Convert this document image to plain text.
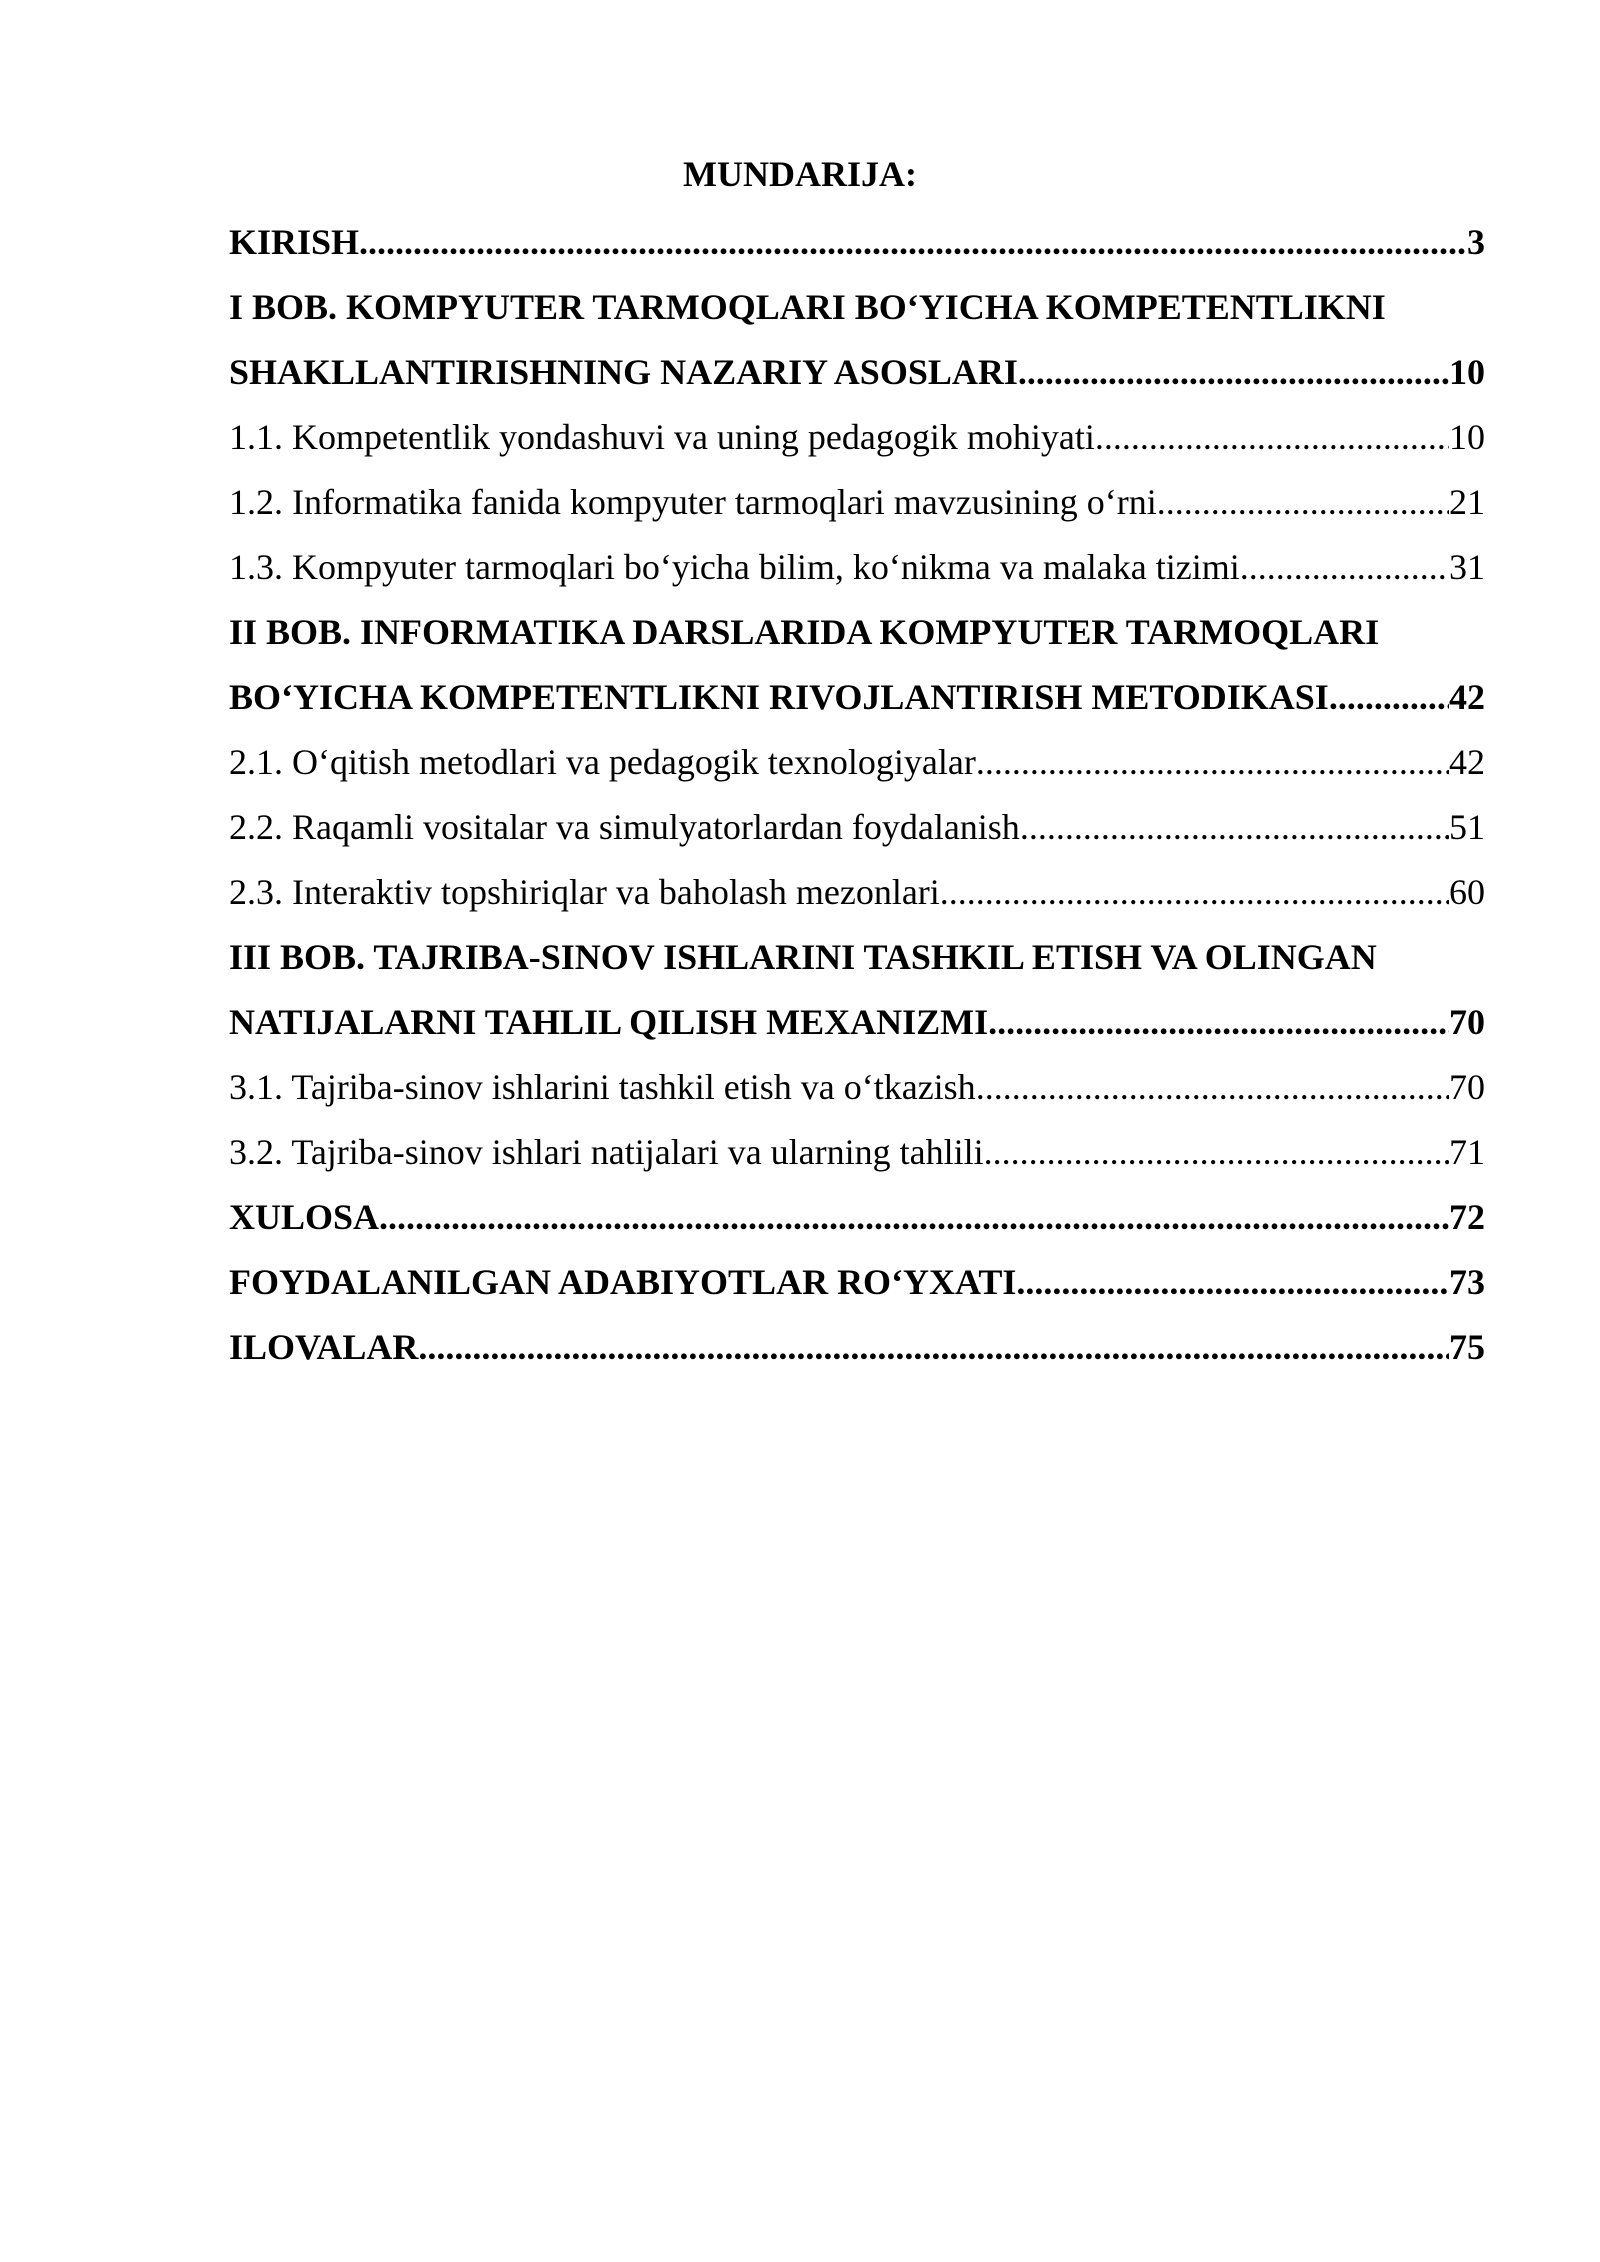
MUNDARIJA:
KIRISH .....	3
I BOB. KOMPYUTER TARMOQLARI BO‘YICHA KOMPETENTLIKNI
SHAKLLANTIRISHNING NAZARIY ASOSLARI .....	10
1.1. Kompetentlik yondashuvi va uning pedagogik mohiyati .....	10
1.2. Informatika fanida kompyuter tarmoqlari mavzusining o‘rni .....	21
1.3. Kompyuter tarmoqlari bo‘yicha bilim, ko‘nikma va malaka tizimi .....	31
II BOB. INFORMATIKA DARSLARIDA KOMPYUTER TARMOQLARI
BO‘YICHA KOMPETENTLIKNI RIVOJLANTIRISH METODIKASI .....	42
2.1. O‘qitish metodlari va pedagogik texnologiyalar .....	42
2.2. Raqamli vositalar va simulyatorlardan foydalanish .....	51
2.3. Interaktiv topshiriqlar va baholash mezonlari .....	60
III BOB. TAJRIBA-SINOV ISHLARINI TASHKIL ETISH VA OLINGAN
NATIJALARNI TAHLIL QILISH MEXANIZMI .....	70
3.1. Tajriba-sinov ishlarini tashkil etish va o‘tkazish .....	70
3.2. Tajriba-sinov ishlari natijalari va ularning tahlili .....	71
XULOSA .....	72
FOYDALANILGAN ADABIYOTLAR RO‘YXATI .....	73
ILOVALAR .....	75
